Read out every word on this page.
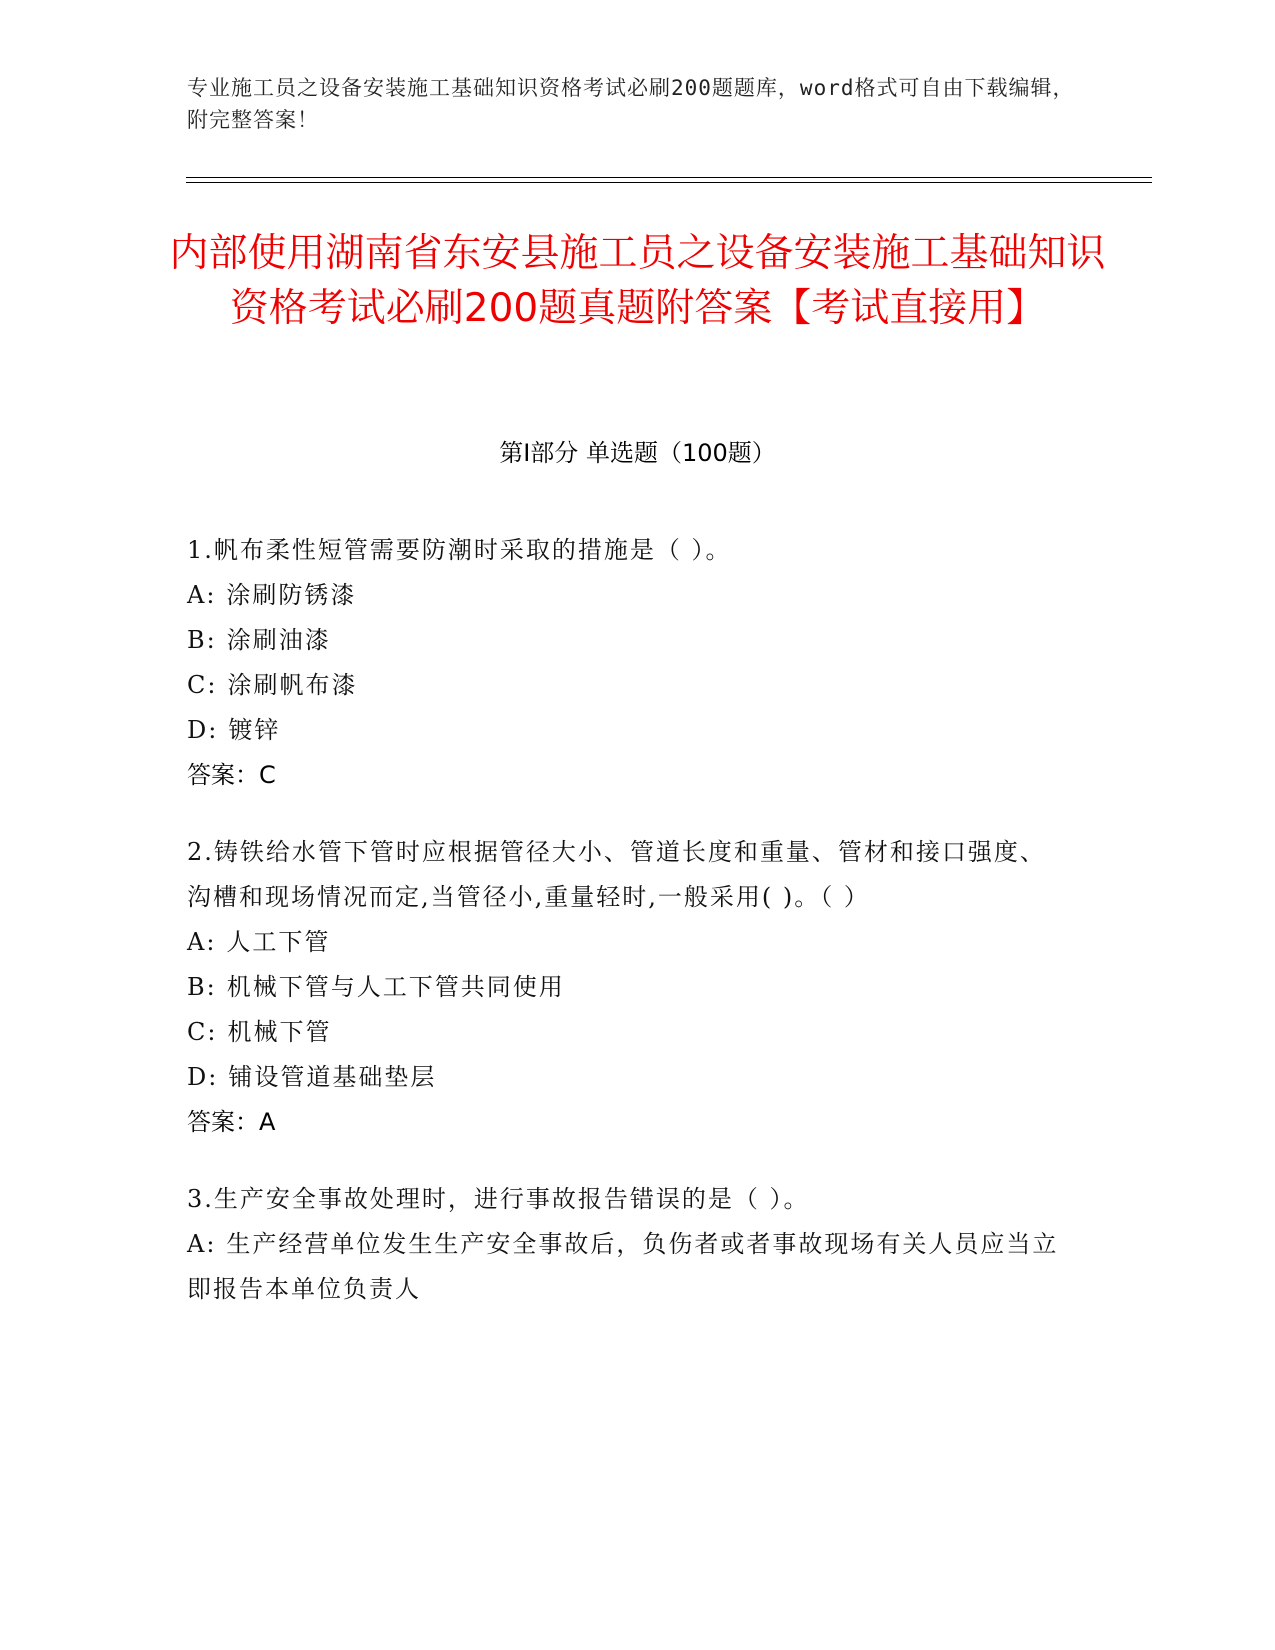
专业施工员之设备安装施工基础知识资格考试必刷200题题库，word格式可自由下载编辑，附完整答案！
内部使用湖南省东安县施工员之设备安装施工基础知识资格考试必刷200题真题附答案【考试直接用】
第Ⅰ部分 单选题（100题）
1.帆布柔性短管需要防潮时采取的措施是（ ）。
A: 涂刷防锈漆
B: 涂刷油漆
C: 涂刷帆布漆
D: 镀锌
答案：C
2.铸铁给水管下管时应根据管径大小、管道长度和重量、管材和接口强度、沟槽和现场情况而定,当管径小,重量轻时,一般采用( )。（ ）
A: 人工下管
B: 机械下管与人工下管共同使用
C: 机械下管
D: 铺设管道基础垫层
答案：A
3.生产安全事故处理时，进行事故报告错误的是（ ）。
A: 生产经营单位发生生产安全事故后，负伤者或者事故现场有关人员应当立即报告本单位负责人
